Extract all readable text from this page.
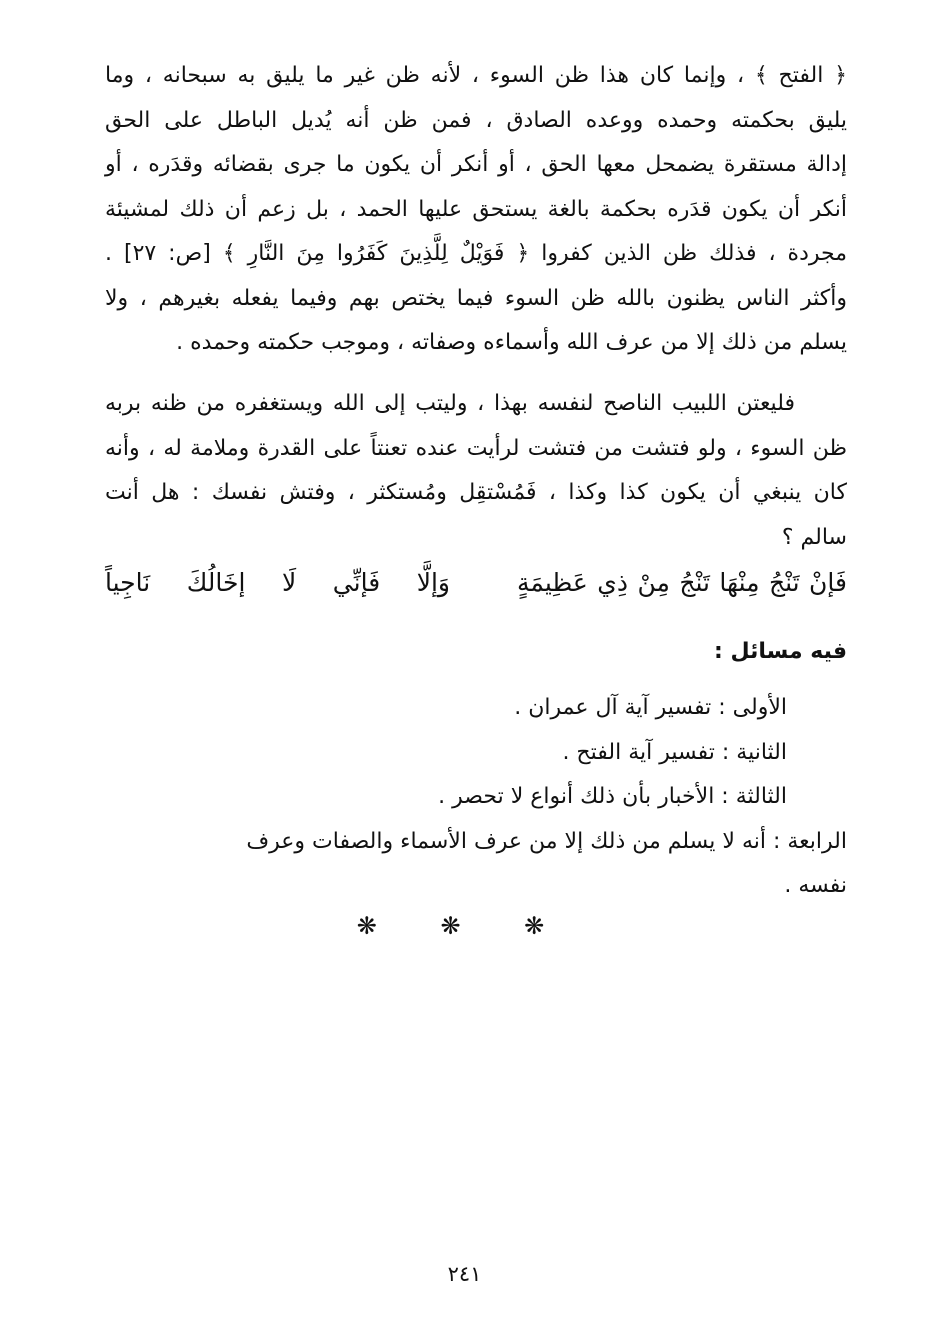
﴿ الفتح ﴾ ، وإنما كان هذا ظن السوء ، لأنه ظن غير ما يليق به سبحانه ، وما
يليق بحكمته وحمده ووعده الصادق ، فمن ظن أنه يُديل الباطل على الحق
إدالة مستقرة يضمحل معها الحق ، أو أنكر أن يكون ما جرى بقضائه وقدَره ، أو
أنكر أن يكون قدَره بحكمة بالغة يستحق عليها الحمد ، بل زعم أن ذلك لمشيئة
مجردة ، فذلك ظن الذين كفروا ﴿ فَوَيْلٌ لِلَّذِينَ كَفَرُوا مِنَ النَّارِ ﴾ [ص: ٢٧] .
وأكثر الناس يظنون بالله ظن السوء فيما يختص بهم وفيما يفعله بغيرهم ، ولا
يسلم من ذلك إلا من عرف الله وأسماءه وصفاته ، وموجب حكمته وحمده .
فليعتن اللبيب الناصح لنفسه بهذا ، وليتب إلى الله ويستغفره من ظنه بربه
ظن السوء ، ولو فتشت من فتشت لرأيت عنده تعنتاً على القدرة وملامة له ، وأنه
كان ينبغي أن يكون كذا وكذا ، فَمُسْتقِل ومُستكثر ، وفتش نفسك : هل أنت
سالم ؟
فَإنْ تَنْجُ مِنْهَا تَنْجُ مِنْ ذِي عَظِيمَةٍ
وَإلَّا فَإنِّي لَا إخَالُكَ نَاجِياً
فيه مسائل :
الأولى : تفسير آية آل عمران .
الثانية : تفسير آية الفتح .
الثالثة : الأخبار بأن ذلك أنواع لا تحصر .
الرابعة : أنه لا يسلم من ذلك إلا من عرف الأسماء والصفات وعرف
نفسه .
❋ ❋ ❋
٢٤١
